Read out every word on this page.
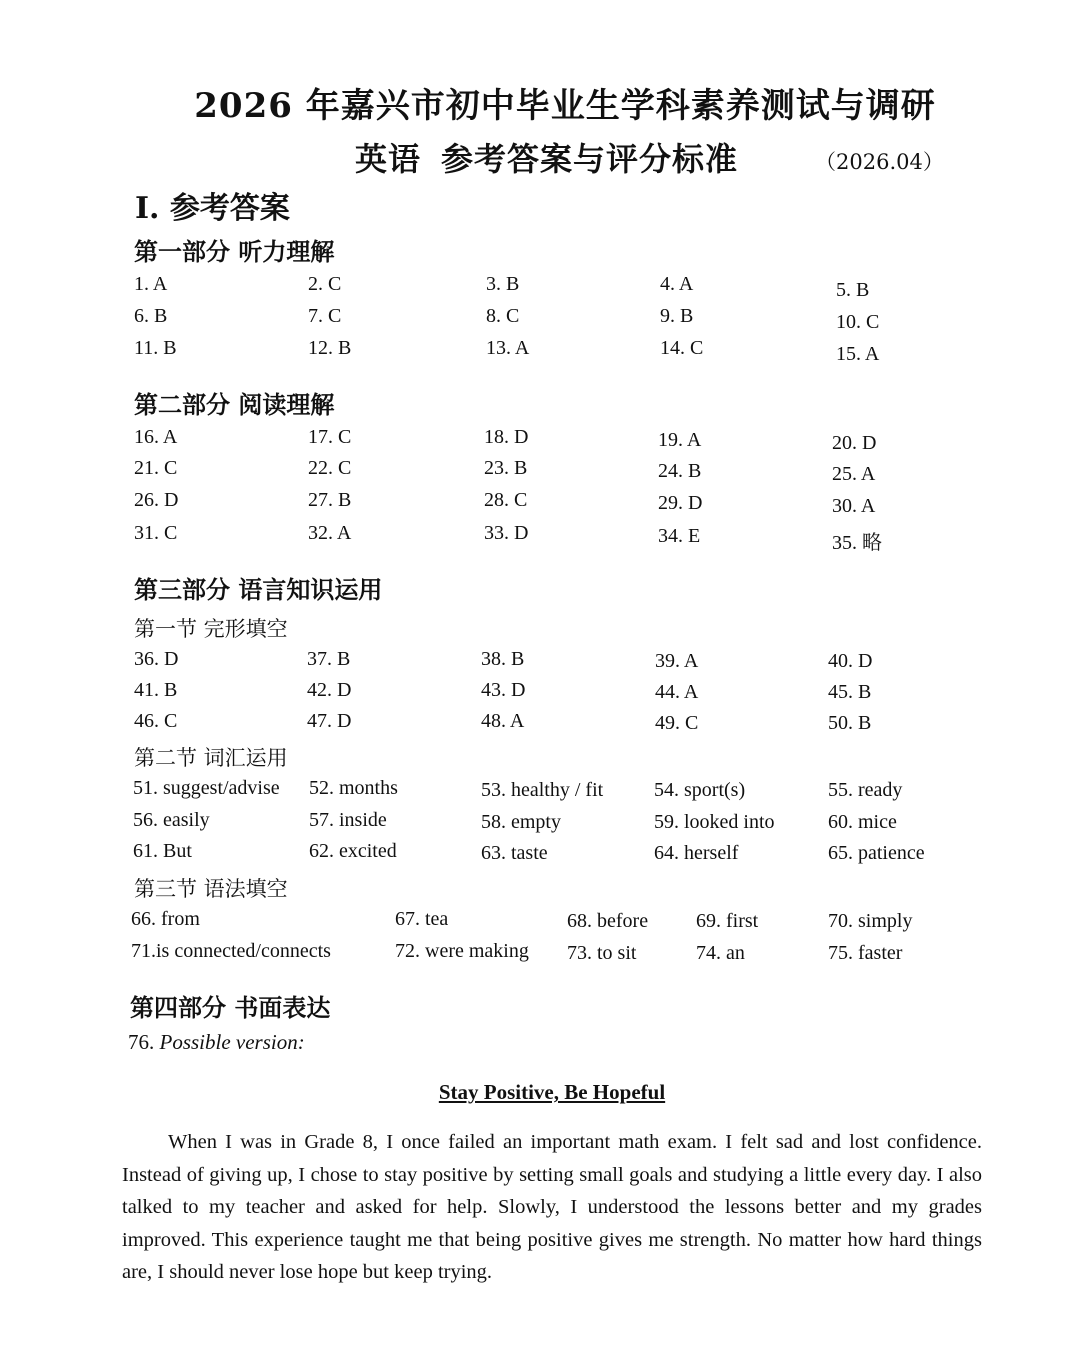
2026 年嘉兴市初中毕业生学科素养测试与调研
英语 参考答案与评分标准	（2026.04）
I. 参考答案
第一部分 听力理解
1. A	2. C	3. B	4. A	5. B
6. B	7. C	8. C	9. B	10. C
11. B	12. B	13. A	14. C	15. A
第二部分 阅读理解
16. A	17. C	18. D	19. A	20. D
21. C	22. C	23. B	24. B	25. A
26. D	27. B	28. C	29. D	30. A
31. C	32. A	33. D	34. E	35. 略
第三部分 语言知识运用
第一节 完形填空
36. D	37. B	38. B	39. A	40. D
41. B	42. D	43. D	44. A	45. B
46. C	47. D	48. A	49. C	50. B
第二节 词汇运用
51. suggest/advise 52. months	53. healthy / fit	54. sport(s)	55. ready
56. easily	57. inside	58. empty	59. looked into	60. mice
61. But	62. excited	63. taste	64. herself	65. patience
第三节 语法填空
66. from	67. tea	68. before 69. first	70. simply
71.is connected/connects	72. were making 73. to sit	74. an	75. faster
第四部分 书面表达
76. Possible version:
Stay Positive, Be Hopeful
When I was in Grade 8, I once failed an important math exam. I felt sad and lost confidence. Instead of giving up, I chose to stay positive by setting small goals and studying a little every day. I also talked to my teacher and asked for help. Slowly, I understood the lessons better and my grades improved. This experience taught me that being positive gives me strength. No matter how hard things are, I should never lose hope but keep trying.
